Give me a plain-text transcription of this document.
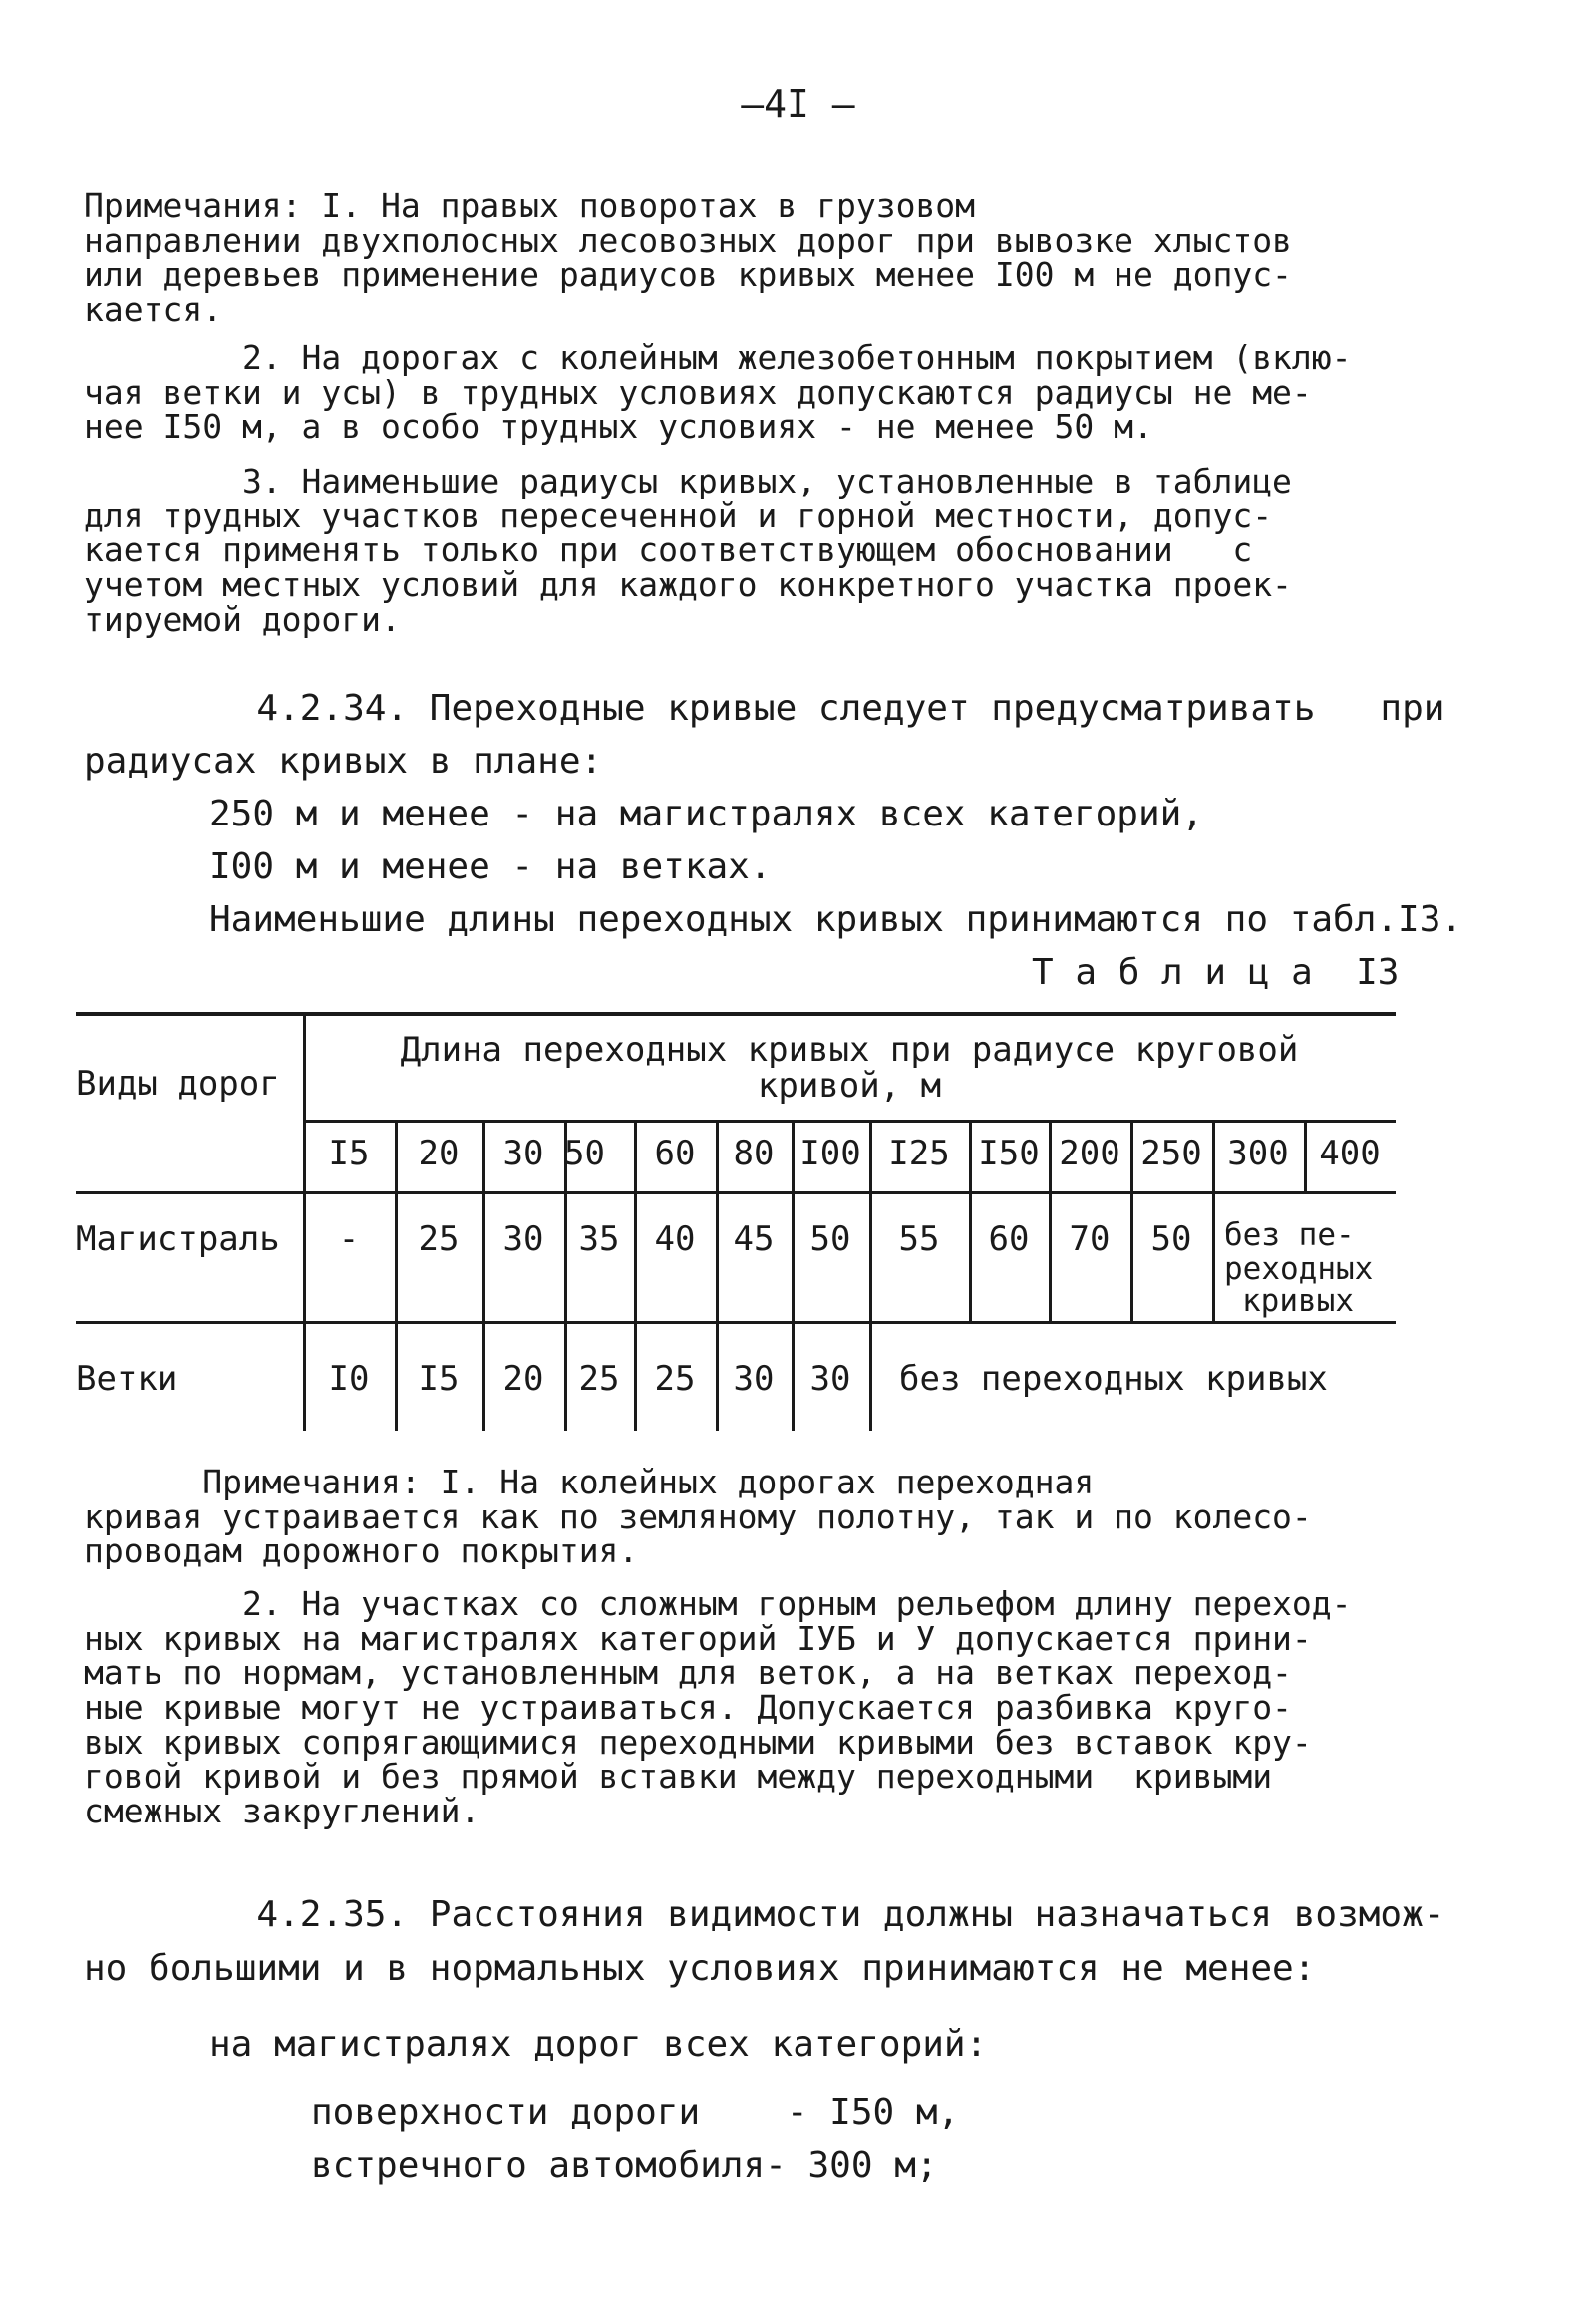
—4I —
Примечания: I. На правых поворотах в грузовом
направлении двухполосных лесовозных дорог при вывозке хлыстов
или деревьев применение радиусов кривых менее I00 м не допус-
кается.
2. На дорогах с колейным железобетонным покрытием (вклю-
чая ветки и усы) в трудных условиях допускаются радиусы не ме-
нее I50 м, а в особо трудных условиях - не менее 50 м.
3. Наименьшие радиусы кривых, установленные в таблице
для трудных участков пересеченной и горной местности, допус-
кается применять только при соответствующем обосновании   с
учетом местных условий для каждого конкретного участка проек-
тируемой дороги.
4.2.34. Переходные кривые следует предусматривать   при
радиусах кривых в плане:
250 м и менее - на магистралях всех категорий,
I00 м и менее - на ветках.
Наименьшие длины переходных кривых принимаются по табл.I3.
Т а б л и ц а  I3
Виды дорог
Длина переходных кривых при радиусе круговой
кривой, м
I5	20	30 50	60	80 I00 I25 I50 200 250 300 400
Магистраль	-	25	30	35	40	45	50	55	60	70	50	без пе-
реходных
кривых
Ветки	I0	I5	20	25	25	30	30	без переходных кривых
Примечания: I. На колейных дорогах переходная
кривая устраивается как по земляному полотну, так и по колесо-
проводам дорожного покрытия.
2. На участках со сложным горным рельефом длину переход-
ных кривых на магистралях категорий IУБ и У допускается прини-
мать по нормам, установленным для веток, а на ветках переход-
ные кривые могут не устраиваться. Допускается разбивка круго-
вых кривых сопрягающимися переходными кривыми без вставок кру-
говой кривой и без прямой вставки между переходными  кривыми
смежных закруглений.
4.2.35. Расстояния видимости должны назначаться возмож-
но большими и в нормальных условиях принимаются не менее:
на магистралях дорог всех категорий:
поверхности дороги    - I50 м,
встречного автомобиля- 300 м;
